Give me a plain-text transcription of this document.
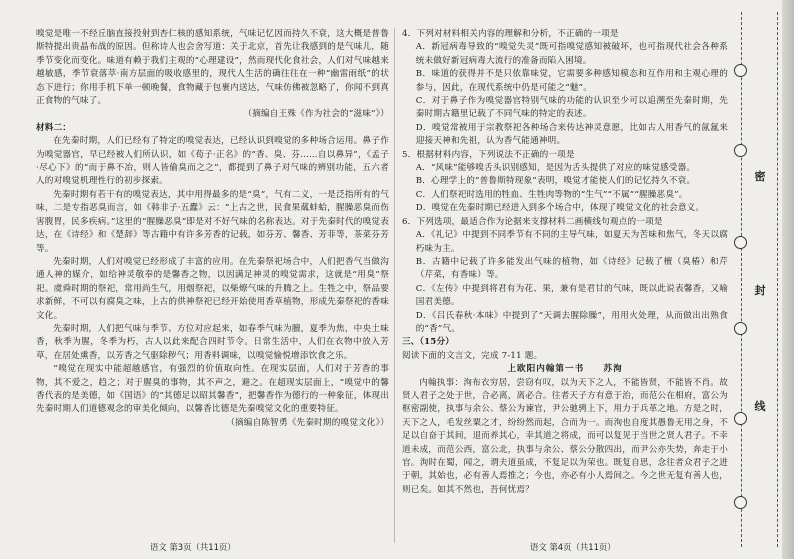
嗅觉是唯一不经丘脑直接投射到杏仁核的感知系统，气味记忆因而持久不衰，这大概是普鲁斯特提出贵晶布战的原因。但称诗人也会舍写道：关于北京，首先让我感到的是气味儿，随季节变化而变化。味道有赖于我们主观的“心理建设”，然而现代化食社会，人们对气味越来越敏感，季节衰落萃·南方层面的吸收感里的，现代人生活的确往往在一种“幽雷雨纸”的状态下进行；你用手机下单一顿晚餐，食物藏于包裹内送达，气味仿佛被忽略了，你闻不到真正食物的气味了。

（摘编自王殊《作为社会的“滋味”》）

材料二：

在先秦时期，人们已经有了特定的嗅觉表达，已经认识到嗅觉的多种场合运用。鼻子作为嗅觉器官，早已经被人们所认识，如《荀子·正名》的“香、臭、芬……自以鼻异”，《孟子·尽心下》的“而于鼻不冶，则人皆偷臭而之之”，都提到了鼻子对气味的辨别功能，五六者人的对嗅觉机理性行的初步探索。

先秦时期有若干有的嗅觉表达，其中用得最多的是“臭”，气有二义，一是泛指所有的气味，二是专指恶臭而言，如《韩非子·五蠹》云：“上古之世，民食果蓏蚌蛤，腥臊恶臭而伤害腹胃，民多疾病。”这里的“腥臊恶臭”即是对不好气味的名称表达。对于先秦时代的嗅觉表达，在《诗经》和《楚辞》等古籍中有许多芳香的记载，如芬芳、馨香、芳菲等，茶菜芬芳等。

先秦时期，人们对嗅觉已经形成了丰富的应用。在先秦祭祀场合中，人们把香气当做沟通人神的媒介，如给神灵敬奉的是馨香之物，以因满足神灵的嗅觉需求，这就是“用臭”祭祀。虞舜时期的祭祀，常用尚生气，用烟祭祀，以柴燎气味的升腾之上。生牲之中，祭品要求新鲜，不可以有腐臭之味，上古的供神祭祀已经开始使用香草植物，形成先秦祭祀的香味文化。

先秦时期，人们把气味与季节、方位对应起来，如春季气味为膻，夏季为焦，中央土味香，秋季为腥，冬季为朽，古人以此来配合四时节令。日常生活中，人们在衣物中放入芳草，在居处熏香，以芳香之气驱除秽气；用香料调味，以嗅觉愉悦增添饮食之乐。

“嗅觉在现实中能超越感官，有强烈的价值取向性。在现实层面，人们对于芳香的事物，其不爱之，趋之；对于腥臭的事物，其不声之，避之。在超现实层面上，“嗅觉中的馨香代表的是美德，如《国语》的“其德足以昭其馨香”，把馨香作为德行的一种象征，体现出先秦时期人们道德观念的审美化倾向，以馨香比德是先秦嗅觉文化的重要特征。

（摘编自陈智勇《先秦时期的嗅觉文化》）

4．下列对材料相关内容的理解和分析，不正确的一项是

A．新冠病毒导致的“嗅觉失灵”既可指嗅觉感知被破坏，也可指现代社会各种系统未做好新冠病毒大流行的准备而陷入困境。

B．味道的获得并不是只依靠味觉，它需要多种感知模态和互作用和主观心理的参与，因此，在现代系统中仍是可能之“魅”。

C．对于鼻子作为嗅觉器官特别气味的功能的认识至少可以追溯至先秦时期，先秦时期古籍里记载了不同气味的特定的表述。

D．嗅觉常被用于宗教祭祀各种场合来传达神灵意愿，比如古人用香气的氤氲来迎接天神和先祖，认为香气能通神明。

5．根据材料内容，下列说法不正确的一项是

A．“风味”能够嗅舌头识别感知，是因为舌头提供了对应的味觉感受器。

B．心理学上的“普鲁斯特现象”表明，嗅觉才能使人们的记忆持久不衰。

C．人们祭祀时选用的牲血、生牲肉等物的“生气”“不属”“腥臊恶臭”。

D．嗅觉在先秦时期已经进入到多个场合中，体现了嗅觉文化的社会意义。

6．下列选项，最适合作为论据来支撑材料二画横线句观点的一项是

A．《礼记》中提到不同季节有不同的主导气味，如夏天为苦味和焦气，冬天以腐朽味为主。

B．古籍中记载了许多能发出气味的植物，如《诗经》记载了檀（臭椿）和芹（芹菜，有香味）等。

C．《左传》中提到将君有为花、果，兼有是君甘的气味，既以此说表馨香，又喻国君美德。

D．《吕氏春秋·本味》中提到了“天调去腥除臊”，用用火处理，从而做出出熟食的“香”气。

三、（15分）

阅读下面的文言文，完成 7-11 题。

上欧阳内翰第一书　　苏洵

内翰执事：洵布衣穷居，尝窃有叹，以为天下之人，不能皆贤，不能皆不肖。故贤人君子之处于世，合必离，离必合。往者天子方有意于治，而范公在相府，富公为枢密副使，执事与余公、蔡公为谏官，尹公驰骋上下，用力于兵革之地。方是之时，天下之人，毛发丝粟之才，纷纷然而起，合而为一。而洵也自度其愚鲁无用之身，不足以自奋于其间，退而养其心，幸其道之将成，而可以复见于当世之贤人君子。不幸道未成，而范公西，富公北，执事与余公、蔡公分散四出，而尹公亦失势，奔走于小官。洵时在蜀，闻之，谓夫道虽成，不复足以为荣也。既复自思，念往者众君子之进于朝，其始也，必有善人焉推之；今也，亦必有小人焉间之。今之世无复有善人也，则已矣。如其不然也，吾何忧焉？

语文 第3页（共11页）	语文 第4页（共11页）
密
封
线
